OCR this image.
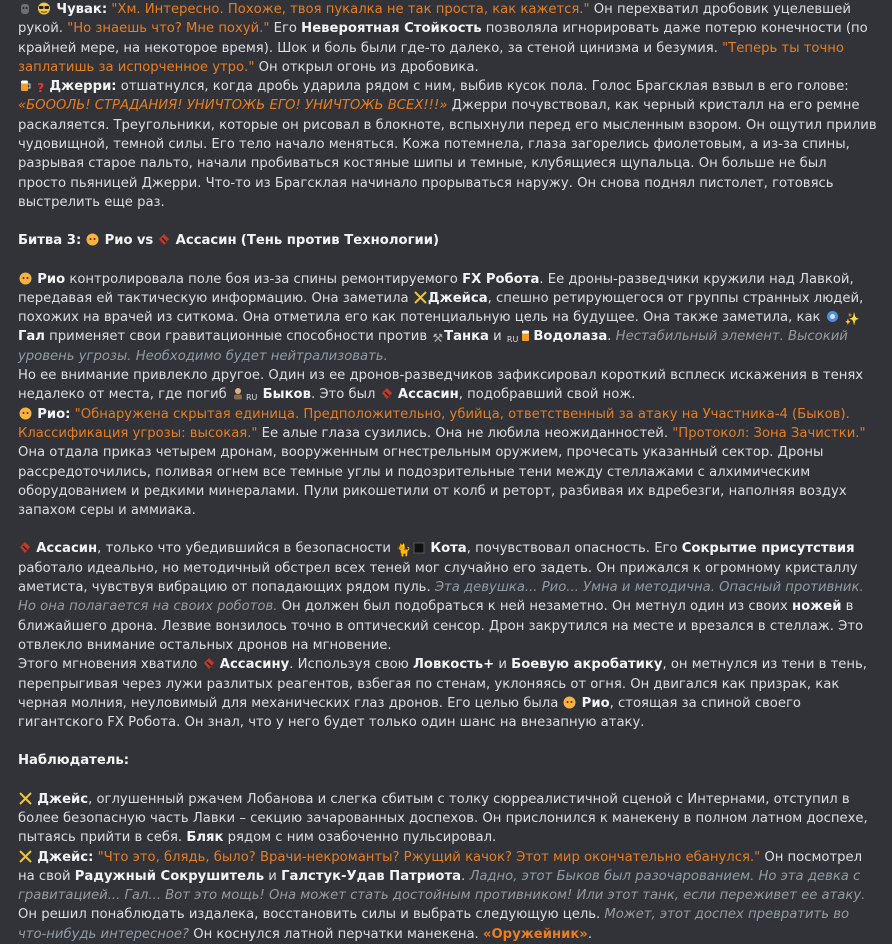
Чувак: "Хм. Интересно. Похоже, твоя пукалка не так проста, как кажется." Он перехватил дробовик уцелевшей рукой. "Но знаешь что? Мне похуй." Его Невероятная Стойкость позволяла игнорировать даже потерю конечности (по крайней мере, на некоторое время). Шок и боль были где-то далеко, за стеной цинизма и безумия. "Теперь ты точно заплатишь за испорченное утро." Он открыл огонь из дробовика.

? Джерри: отшатнулся, когда дробь ударила рядом с ним, выбив кусок пола. Голос Брагсклая взвыл в его голове: «БОООЛЬ! СТРАДАНИЯ! УНИЧТОЖЬ ЕГО! УНИЧТОЖЬ ВСЕХ!!!» Джерри почувствовал, как черный кристалл на его ремне раскаляется. Треугольники, которые он рисовал в блокноте, вспыхнули перед его мысленным взором. Он ощутил прилив чудовищной, темной силы. Его тело начало меняться. Кожа потемнела, глаза загорелись фиолетовым, а из-за спины, разрывая старое пальто, начали пробиваться костяные шипы и темные, клубящиеся щупальца. Он больше не был просто пьяницей Джерри. Что-то из Брагсклая начинало прорываться наружу. Он снова поднял пистолет, готовясь выстрелить еще раз.

Битва 3: Рио vs Ассасин (Тень против Технологии)

Рио контролировала поле боя из-за спины ремонтируемого FX Робота. Ее дроны-разведчики кружили над Лавкой, передавая ей тактическую информацию. Она заметила Джейса, спешно ретирующегося от группы странных людей, похожих на врачей из ситкома. Она отметила его как потенциальную цель на будущее. Она также заметила, как  ✨ Гал применяет свои гравитационные способности против ⚒Танка и RU Водолаза. Нестабильный элемент. Высокий уровень угрозы. Необходимо будет нейтрализовать.

Но ее внимание привлекло другое. Один из ее дронов-разведчиков зафиксировал короткий всплеск искажения в тенях недалеко от места, где погиб RU Быков. Это был  Ассасин, подобравший свой нож.

Рио: "Обнаружена скрытая единица. Предположительно, убийца, ответственный за атаку на Участника-4 (Быков). Классификация угрозы: высокая." Ее алые глаза сузились. Она не любила неожиданностей. "Протокол: Зона Зачистки."

Она отдала приказ четырем дронам, вооруженным огнестрельным оружием, прочесать указанный сектор. Дроны рассредоточились, поливая огнем все темные углы и подозрительные тени между стеллажами с алхимическим оборудованием и редкими минералами. Пули рикошетили от колб и реторт, разбивая их вдребезги, наполняя воздух запахом серы и аммиака.

Ассасин, только что убедившийся в безопасности 🐈 Кота, почувствовал опасность. Его Сокрытие присутствия работало идеально, но методичный обстрел всех теней мог случайно его задеть. Он прижался к огромному кристаллу аметиста, чувствуя вибрацию от попадающих рядом пуль. Эта девушка... Рио... Умна и методична. Опасный противник. Но она полагается на своих роботов. Он должен был подобраться к ней незаметно. Он метнул один из своих ножей в ближайшего дрона. Лезвие вонзилось точно в оптический сенсор. Дрон закрутился на месте и врезался в стеллаж. Это отвлекло внимание остальных дронов на мгновение.

Этого мгновения хватило  Ассасину. Используя свою Ловкость+ и Боевую акробатику, он метнулся из тени в тень, перепрыгивая через лужи разлитых реагентов, взбегая по стенам, уклоняясь от огня. Он двигался как призрак, как черная молния, неуловимый для механических глаз дронов. Его целью была  Рио, стоящая за спиной своего гигантского FX Робота. Он знал, что у него будет только один шанс на внезапную атаку.

Наблюдатель:

Джейс, оглушенный ржачем Лобанова и слегка сбитым с толку сюрреалистичной сценой с Интернами, отступил в более безопасную часть Лавки – секцию зачарованных доспехов. Он прислонился к манекену в полном латном доспехе, пытаясь прийти в себя. Бляк рядом с ним озабоченно пульсировал.

Джейс: "Что это, блядь, было? Врачи-некроманты? Ржущий качок? Этот мир окончательно ебанулся." Он посмотрел на свой Радужный Сокрушитель и Галстук-Удав Патриота. Ладно, этот Быков был разочарованием. Но эта девка с гравитацией... Гал... Вот это мощь! Она может стать достойным противником! Или этот танк, если переживет ее атаку. Он решил понаблюдать издалека, восстановить силы и выбрать следующую цель. Может, этот доспех превратить во что-нибудь интересное? Он коснулся латной перчатки манекена. «Оружейник».
